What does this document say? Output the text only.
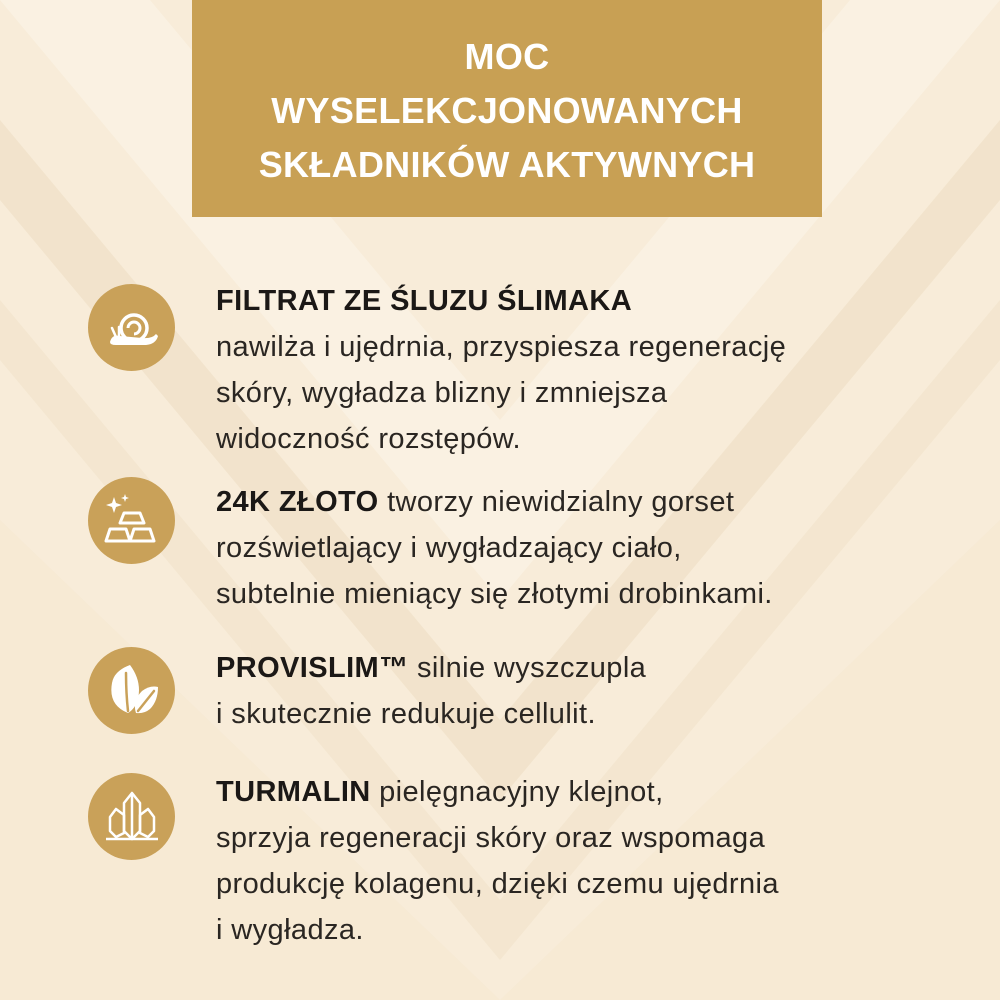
MOC
WYSELEKCJONOWANYCH
SKŁADNIKÓW AKTYWNYCH
FILTRAT ZE ŚLUZU ŚLIMAKA
nawilża i ujędrnia, przyspiesza regenerację
skóry, wygładza blizny i zmniejsza
widoczność rozstępów.
24K ZŁOTO tworzy niewidzialny gorset
rozświetlający i wygładzający ciało,
subtelnie mieniący się złotymi drobinkami.
PROVISLIM™ silnie wyszczupla
i skutecznie redukuje cellulit.
TURMALIN pielęgnacyjny klejnot,
sprzyja regeneracji skóry oraz wspomaga
produkcję kolagenu, dzięki czemu ujędrnia
i wygładza.
